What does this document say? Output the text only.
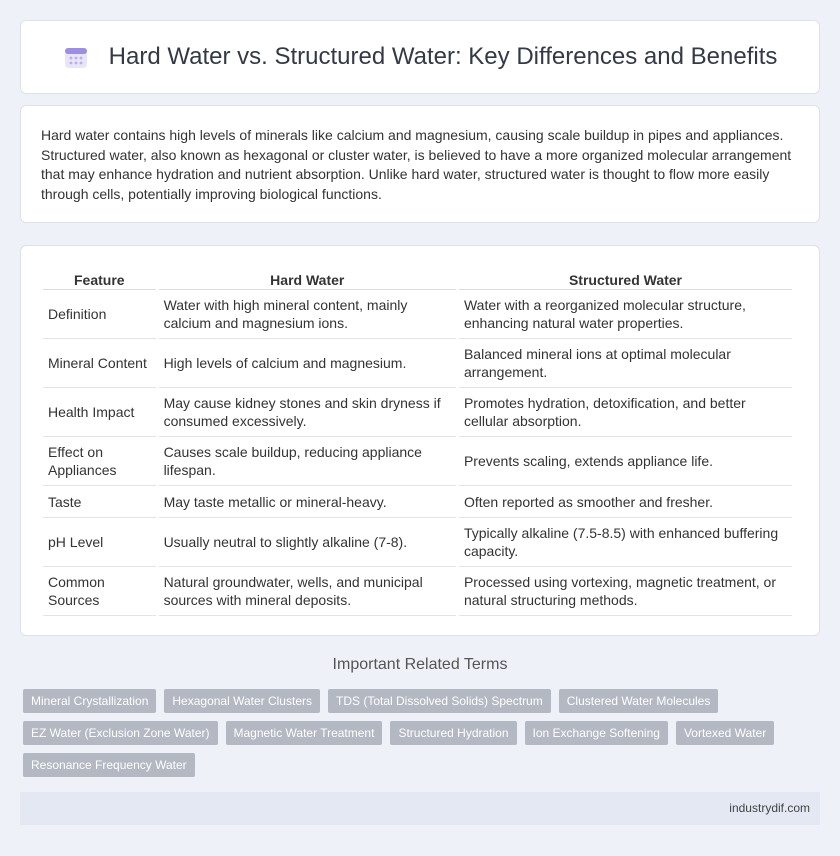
Hard Water vs. Structured Water: Key Differences and Benefits

Hard water contains high levels of minerals like calcium and magnesium, causing scale buildup in pipes and appliances. Structured water, also known as hexagonal or cluster water, is believed to have a more organized molecular arrangement that may enhance hydration and nutrient absorption. Unlike hard water, structured water is thought to flow more easily through cells, potentially improving biological functions.

Feature	Hard Water	Structured Water
Definition	Water with high mineral content, mainly calcium and magnesium ions.	Water with a reorganized molecular structure, enhancing natural water properties.
Mineral Content	High levels of calcium and magnesium.	Balanced mineral ions at optimal molecular arrangement.
Health Impact	May cause kidney stones and skin dryness if consumed excessively.	Promotes hydration, detoxification, and better cellular absorption.
Effect on Appliances	Causes scale buildup, reducing appliance lifespan.	Prevents scaling, extends appliance life.
Taste	May taste metallic or mineral-heavy.	Often reported as smoother and fresher.
pH Level	Usually neutral to slightly alkaline (7-8).	Typically alkaline (7.5-8.5) with enhanced buffering capacity.
Common Sources	Natural groundwater, wells, and municipal sources with mineral deposits.	Processed using vortexing, magnetic treatment, or natural structuring methods.
Important Related Terms
Mineral Crystallization	Hexagonal Water Clusters	TDS (Total Dissolved Solids) Spectrum	Clustered Water Molecules
EZ Water (Exclusion Zone Water)	Magnetic Water Treatment	Structured Hydration	Ion Exchange Softening	Vortexed Water
Resonance Frequency Water
industrydif.com
